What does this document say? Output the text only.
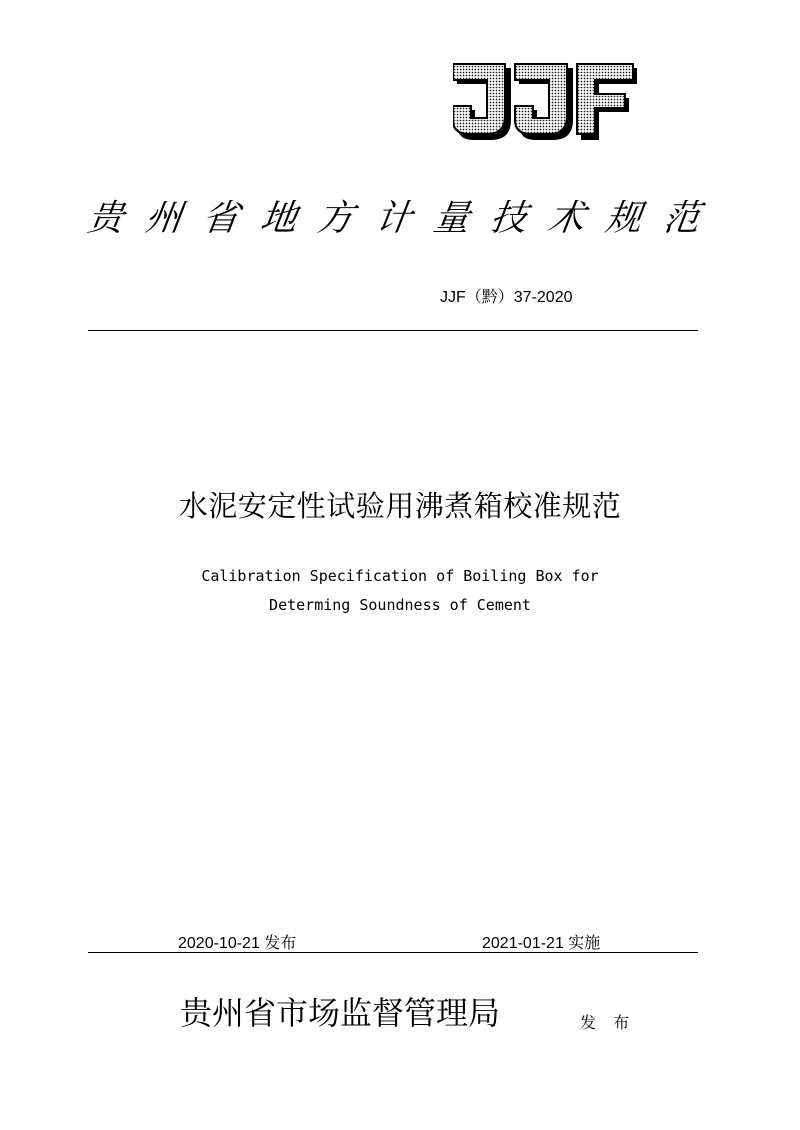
贵 州 省 地 方 计 量 技 术 规 范
JJF（黔）37-2020
水泥安定性试验用沸煮箱校准规范
Calibration Specification of Boiling Box for
Determing Soundness of Cement
2020-10-21 发布	2021-01-21 实施
贵州省市场监督管理局	发 布
